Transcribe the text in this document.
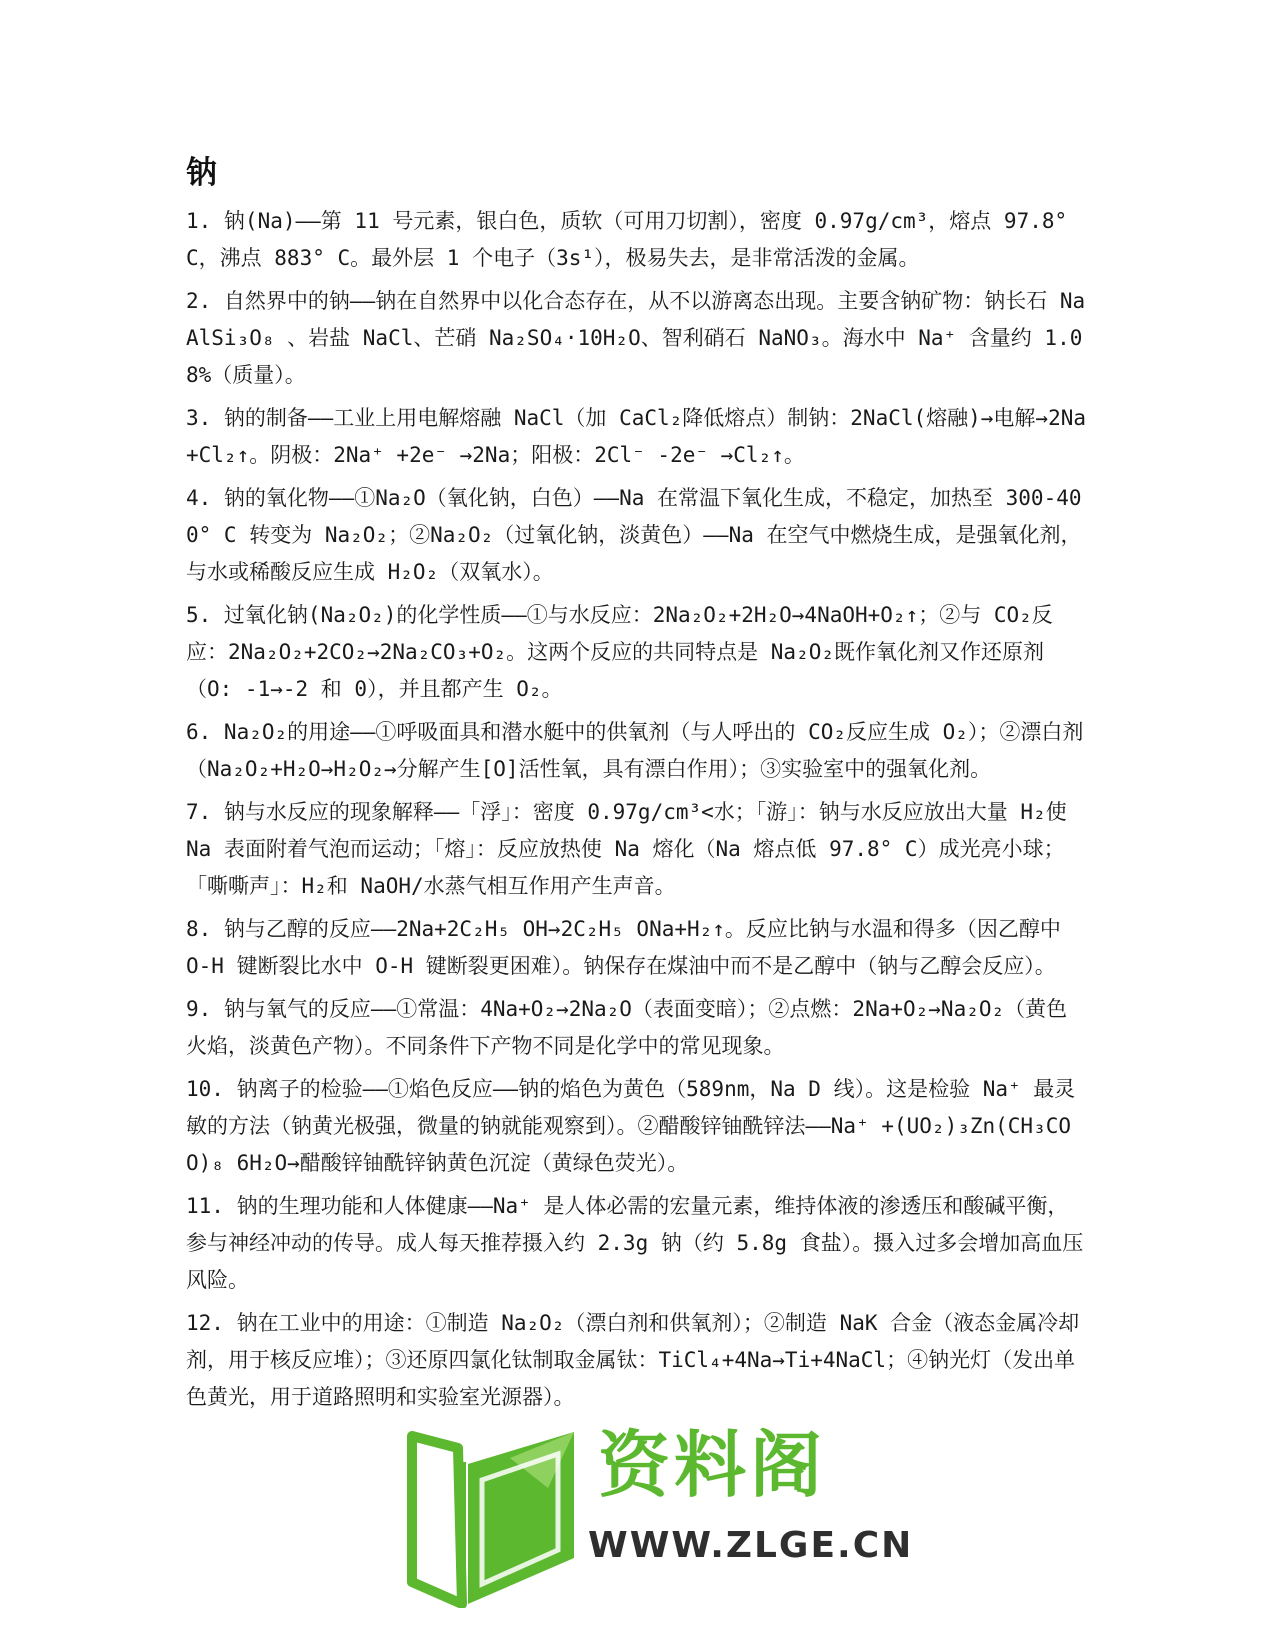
钠
1. 钠(Na)——第 11 号元素，银白色，质软（可用刀切割），密度 0.97g/cm³，熔点 97.8° C，沸点 883° C。最外层 1 个电子（3s¹），极易失去，是非常活泼的金属。
2. 自然界中的钠——钠在自然界中以化合态存在，从不以游离态出现。主要含钠矿物：钠长石 NaAlSi₃O₈ 、岩盐 NaCl、芒硝 Na₂SO₄·10H₂O、智利硝石 NaNO₃。海水中 Na⁺ 含量约 1.08%（质量）。
3. 钠的制备——工业上用电解熔融 NaCl（加 CaCl₂降低熔点）制钠：2NaCl(熔融)→电解→2Na+Cl₂↑。阴极：2Na⁺ +2e⁻ →2Na；阳极：2Cl⁻ -2e⁻ →Cl₂↑。
4. 钠的氧化物——①Na₂O（氧化钠，白色）——Na 在常温下氧化生成，不稳定，加热至 300-400° C 转变为 Na₂O₂；②Na₂O₂（过氧化钠，淡黄色）——Na 在空气中燃烧生成，是强氧化剂，与水或稀酸反应生成 H₂O₂（双氧水）。
5. 过氧化钠(Na₂O₂)的化学性质——①与水反应：2Na₂O₂+2H₂O→4NaOH+O₂↑；②与 CO₂反应：2Na₂O₂+2CO₂→2Na₂CO₃+O₂。这两个反应的共同特点是 Na₂O₂既作氧化剂又作还原剂（O: -1→-2 和 0），并且都产生 O₂。
6. Na₂O₂的用途——①呼吸面具和潜水艇中的供氧剂（与人呼出的 CO₂反应生成 O₂）；②漂白剂（Na₂O₂+H₂O→H₂O₂→分解产生[O]活性氧，具有漂白作用）；③实验室中的强氧化剂。
7. 钠与水反应的现象解释——「浮」：密度 0.97g/cm³<水；「游」：钠与水反应放出大量 H₂使 Na 表面附着气泡而运动；「熔」：反应放热使 Na 熔化（Na 熔点低 97.8° C）成光亮小球；「嘶嘶声」：H₂和 NaOH/水蒸气相互作用产生声音。
8. 钠与乙醇的反应——2Na+2C₂H₅ OH→2C₂H₅ ONa+H₂↑。反应比钠与水温和得多（因乙醇中 O-H 键断裂比水中 O-H 键断裂更困难）。钠保存在煤油中而不是乙醇中（钠与乙醇会反应）。
9. 钠与氧气的反应——①常温：4Na+O₂→2Na₂O（表面变暗）；②点燃：2Na+O₂→Na₂O₂（黄色火焰，淡黄色产物）。不同条件下产物不同是化学中的常见现象。
10. 钠离子的检验——①焰色反应——钠的焰色为黄色（589nm，Na D 线）。这是检验 Na⁺ 最灵敏的方法（钠黄光极强，微量的钠就能观察到）。②醋酸锌铀酰锌法——Na⁺ +(UO₂)₃Zn(CH₃COO)₈ 6H₂O→醋酸锌铀酰锌钠黄色沉淀（黄绿色荧光）。
11. 钠的生理功能和人体健康——Na⁺ 是人体必需的宏量元素，维持体液的渗透压和酸碱平衡，参与神经冲动的传导。成人每天推荐摄入约 2.3g 钠（约 5.8g 食盐）。摄入过多会增加高血压风险。
12. 钠在工业中的用途：①制造 Na₂O₂（漂白剂和供氧剂）；②制造 NaK 合金（液态金属冷却剂，用于核反应堆）；③还原四氯化钛制取金属钛：TiCl₄+4Na→Ti+4NaCl；④钠光灯（发出单色黄光，用于道路照明和实验室光源器）。
资料阁
WWW.ZLGE.CN
